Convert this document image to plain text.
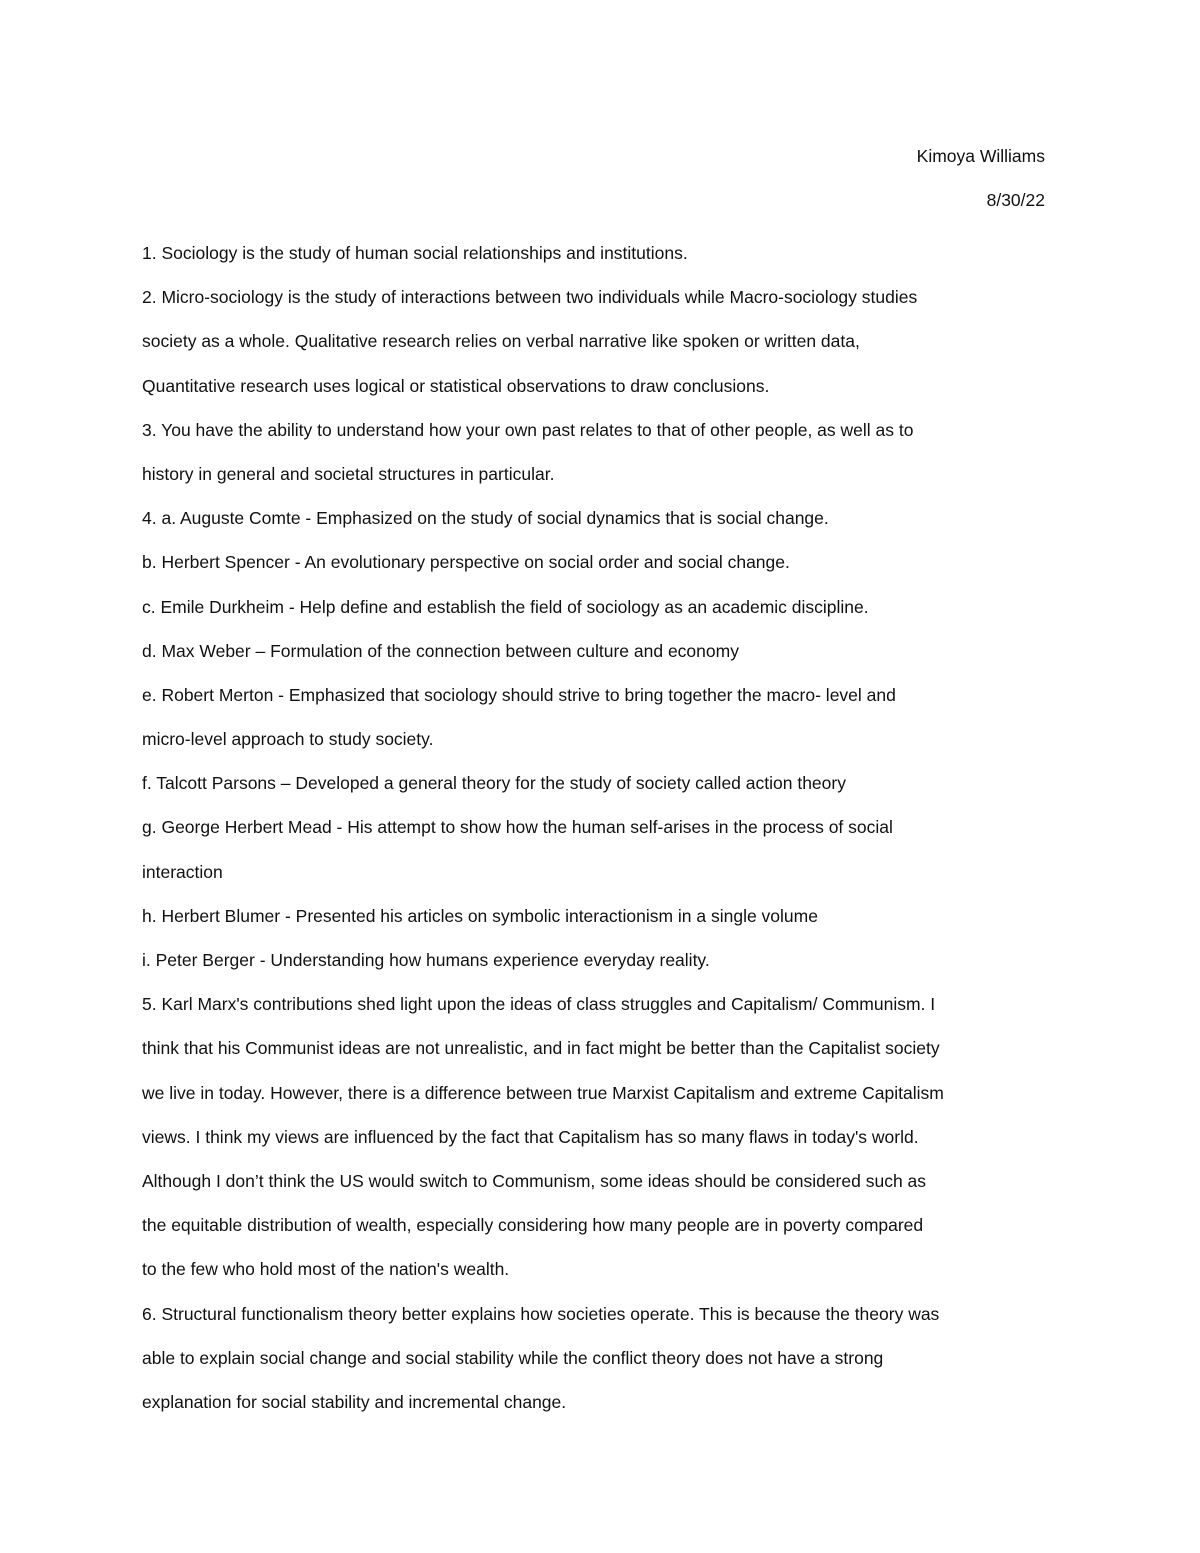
Kimoya Williams
8/30/22
1. Sociology is the study of human social relationships and institutions.
2. Micro-sociology is the study of interactions between two individuals while Macro-sociology studies
society as a whole. Qualitative research relies on verbal narrative like spoken or written data,
Quantitative research uses logical or statistical observations to draw conclusions.
3. You have the ability to understand how your own past relates to that of other people, as well as to
history in general and societal structures in particular.
4. a. Auguste Comte - Emphasized on the study of social dynamics that is social change.
b. Herbert Spencer - An evolutionary perspective on social order and social change.
c. Emile Durkheim - Help define and establish the field of sociology as an academic discipline.
d. Max Weber – Formulation of the connection between culture and economy
e. Robert Merton - Emphasized that sociology should strive to bring together the macro- level and
micro-level approach to study society.
f. Talcott Parsons – Developed a general theory for the study of society called action theory
g. George Herbert Mead - His attempt to show how the human self-arises in the process of social
interaction
h. Herbert Blumer - Presented his articles on symbolic interactionism in a single volume
i. Peter Berger - Understanding how humans experience everyday reality.
5. Karl Marx's contributions shed light upon the ideas of class struggles and Capitalism/ Communism. I
think that his Communist ideas are not unrealistic, and in fact might be better than the Capitalist society
we live in today. However, there is a difference between true Marxist Capitalism and extreme Capitalism
views. I think my views are influenced by the fact that Capitalism has so many flaws in today's world.
Although I don’t think the US would switch to Communism, some ideas should be considered such as
the equitable distribution of wealth, especially considering how many people are in poverty compared
to the few who hold most of the nation's wealth.
6. Structural functionalism theory better explains how societies operate. This is because the theory was
able to explain social change and social stability while the conflict theory does not have a strong
explanation for social stability and incremental change.
